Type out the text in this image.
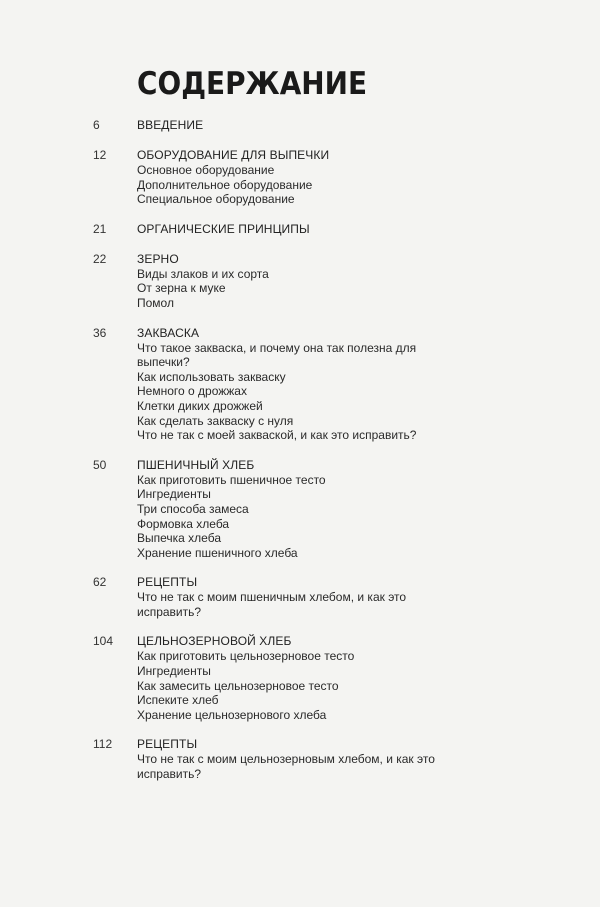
СОДЕРЖАНИЕ
6	ВВЕДЕНИЕ
12	ОБОРУДОВАНИЕ ДЛЯ ВЫПЕЧКИ
Основное оборудование
Дополнительное оборудование
Специальное оборудование
21	ОРГАНИЧЕСКИЕ ПРИНЦИПЫ
22	ЗЕРНО
Виды злаков и их сорта
От зерна к муке
Помол
36	ЗАКВАСКА
Что такое закваска, и почему она так полезна для выпечки?
Как использовать закваску
Немного о дрожжах
Клетки диких дрожжей
Как сделать закваску с нуля
Что не так с моей закваской, и как это исправить?
50	ПШЕНИЧНЫЙ ХЛЕБ
Как приготовить пшеничное тесто
Ингредиенты
Три способа замеса
Формовка хлеба
Выпечка хлеба
Хранение пшеничного хлеба
62	РЕЦЕПТЫ
Что не так с моим пшеничным хлебом, и как это исправить?
104 ЦЕЛЬНОЗЕРНОВОЙ ХЛЕБ
Как приготовить цельнозерновое тесто
Ингредиенты
Как замесить цельнозерновое тесто
Испеките хлеб
Хранение цельнозернового хлеба
112 РЕЦЕПТЫ
Что не так с моим цельнозерновым хлебом, и как это исправить?
